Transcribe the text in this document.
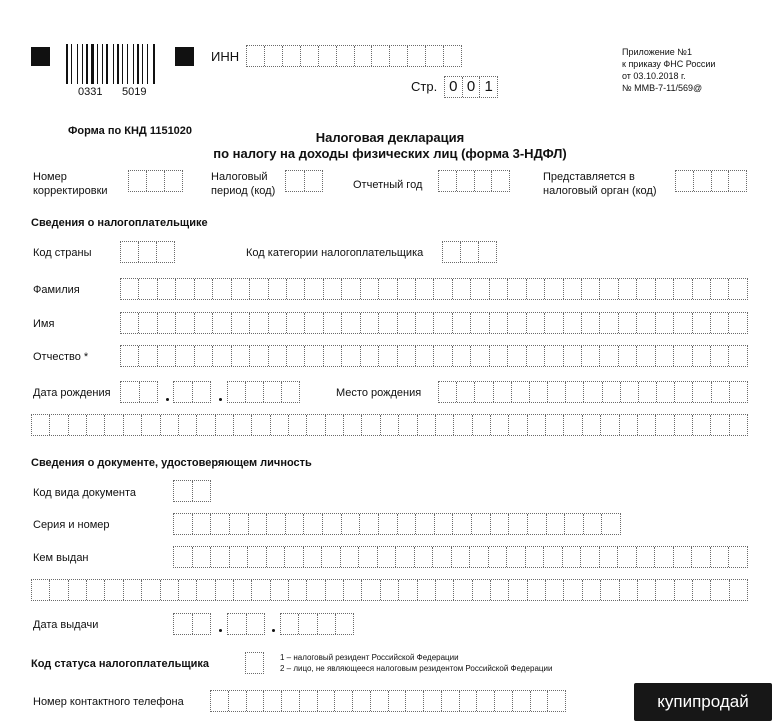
0331 5019
ИНН
Стр. 0 0 1
Приложение №1
к приказу ФНС России
от 03.10.2018 г.
№ ММВ-7-11/569@
Форма по КНД 1151020	Налоговая декларация
по налогу на доходы физических лиц (форма 3-НДФЛ)
Номер
корректировки
Налоговый
период (код)	Отчетный год
Представляется в
налоговый орган (код)
Сведения о налогоплательщике
Код страны	Код категории налогоплательщика
Фамилия
Имя
Отчество *
Дата рождения	Место рождения
Сведения о документе, удостоверяющем личность
Код вида документа
Серия и номер
Кем выдан
Дата выдачи
Код статуса налогоплательщика
1 – налоговый резидент Российской Федерации
2 – лицо, не являющееся налоговым резидентом Российской Федерации
Номер контактного телефона	купипродай
